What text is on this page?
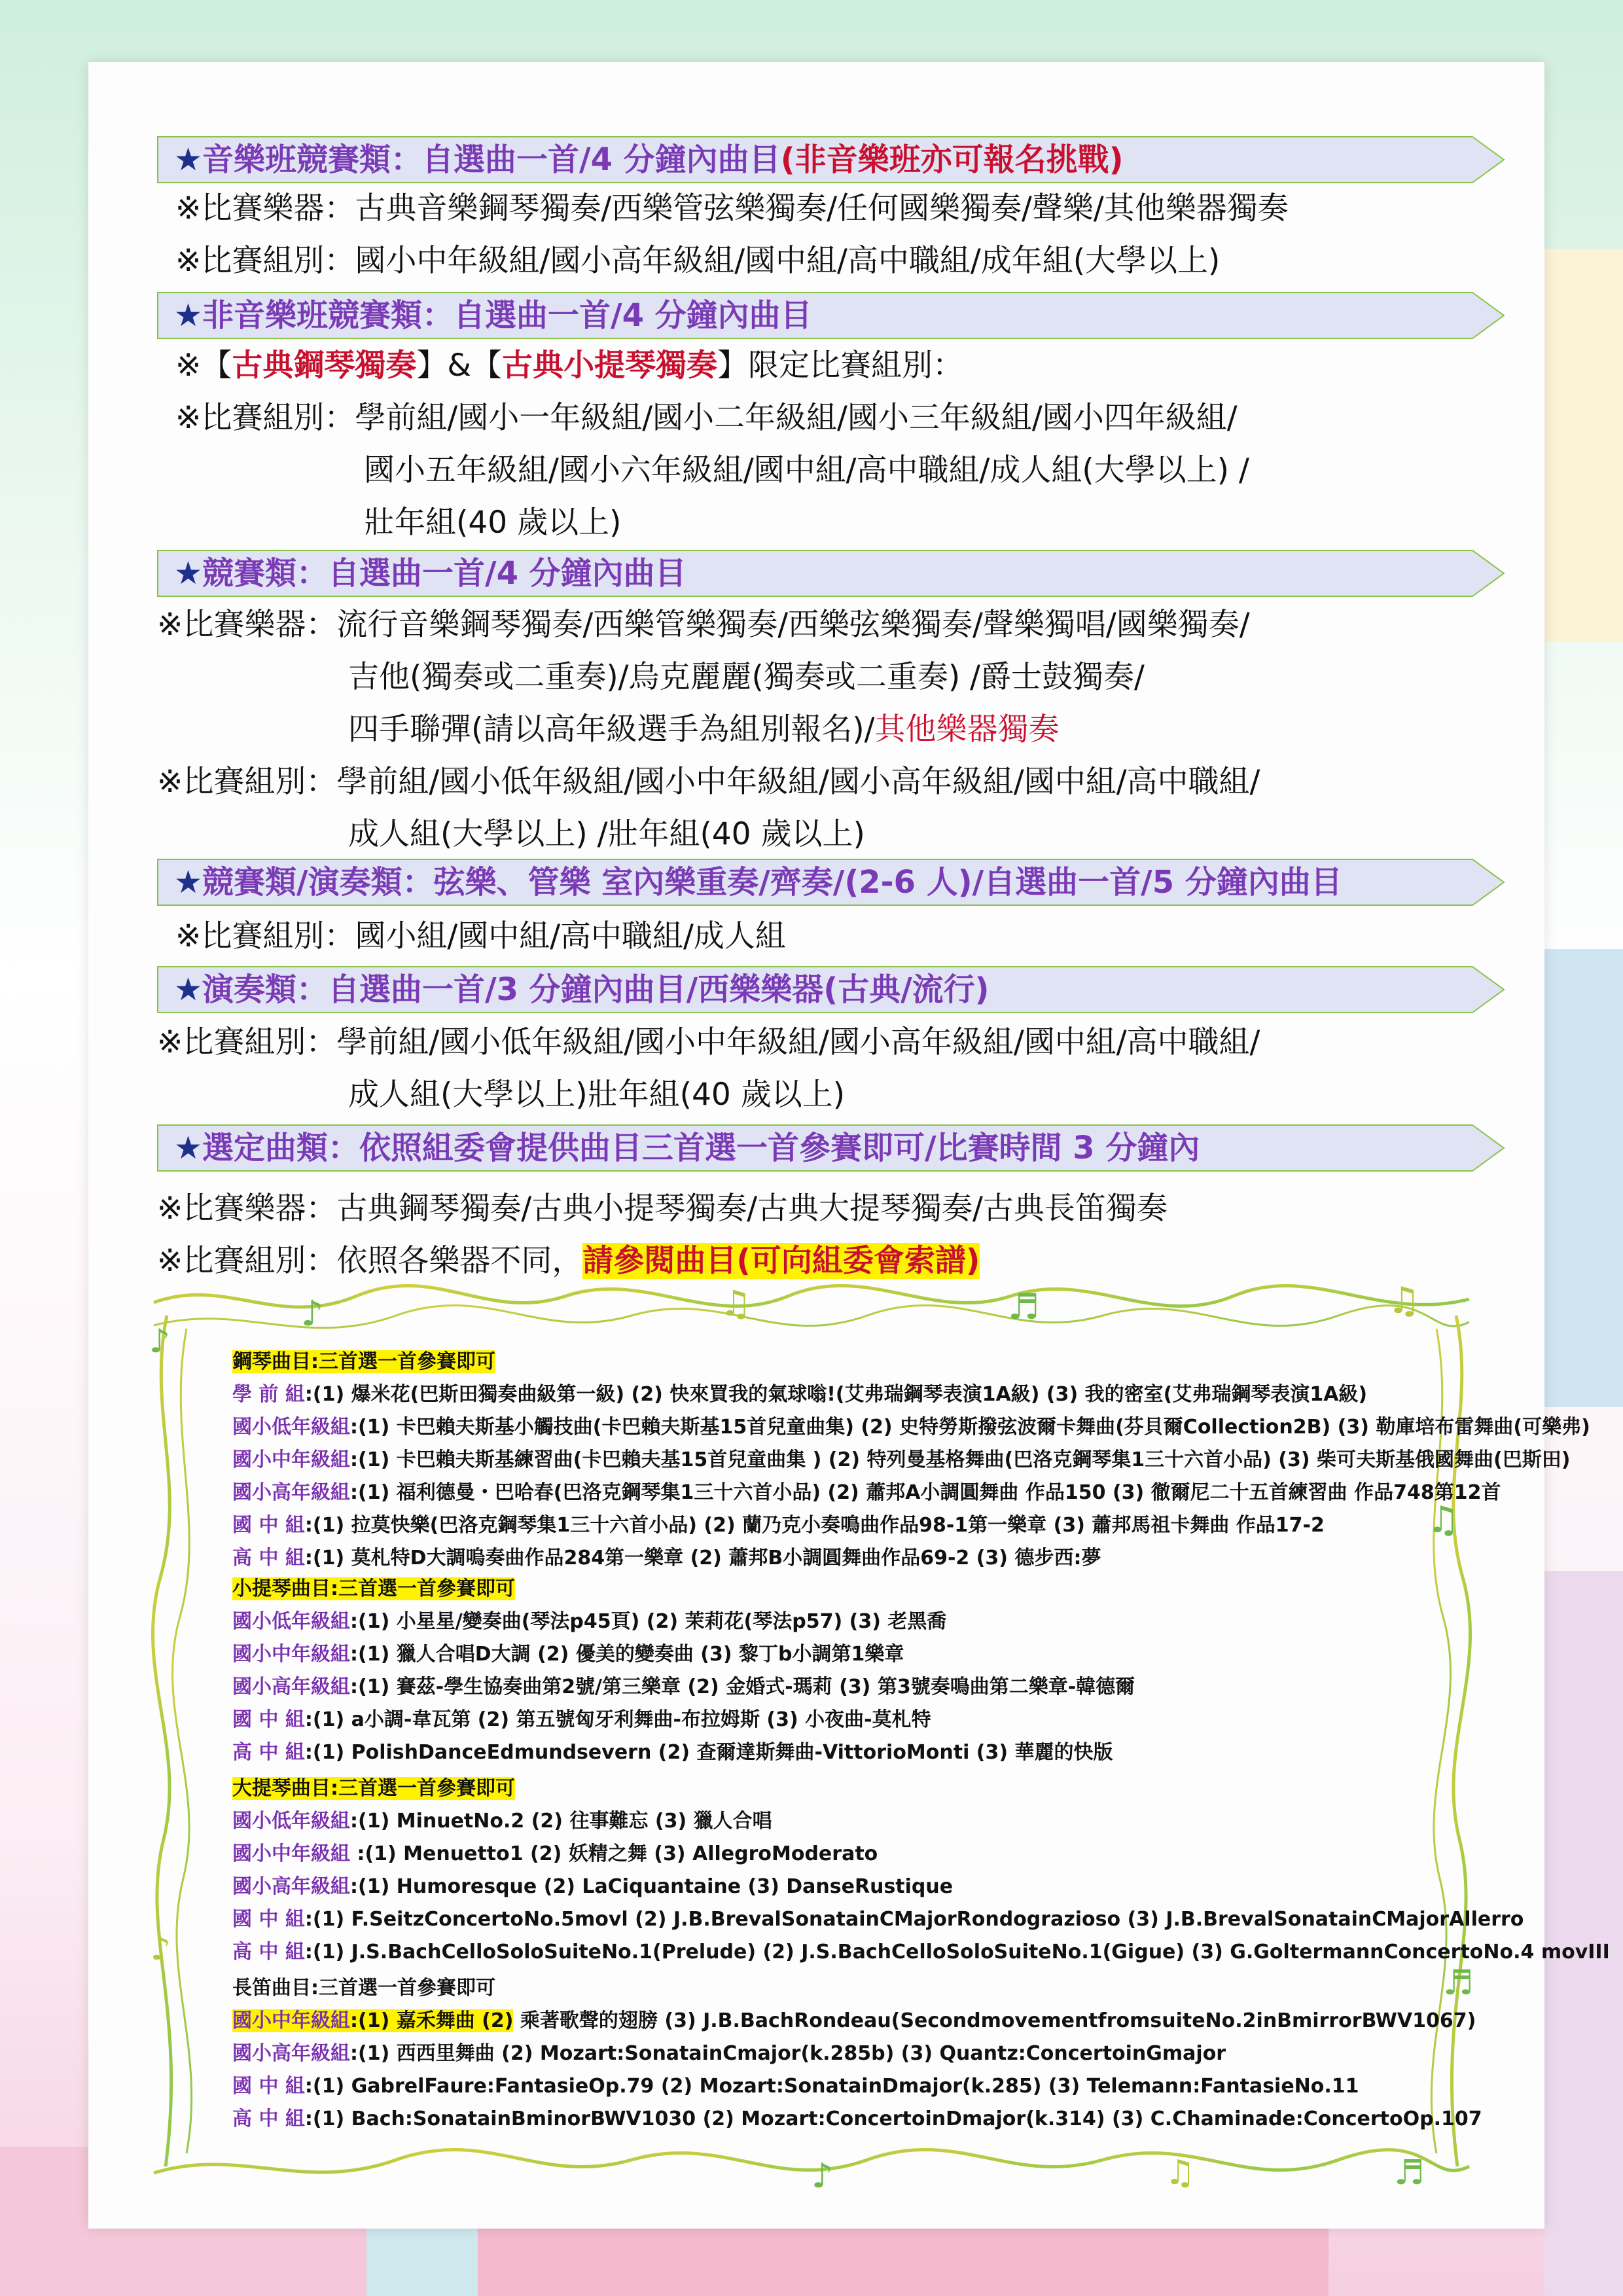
★音樂班競賽類：自選曲一首/4 分鐘內曲目(非音樂班亦可報名挑戰)
※比賽樂器：古典音樂鋼琴獨奏/西樂管弦樂獨奏/任何國樂獨奏/聲樂/其他樂器獨奏
※比賽組別：國小中年級組/國小高年級組/國中組/高中職組/成年組(大學以上)
★非音樂班競賽類：自選曲一首/4 分鐘內曲目
※【古典鋼琴獨奏】&【古典小提琴獨奏】限定比賽組別：
※比賽組別：學前組/國小一年級組/國小二年級組/國小三年級組/國小四年級組/
國小五年級組/國小六年級組/國中組/高中職組/成人組(大學以上) /
壯年組(40 歲以上)
★競賽類：自選曲一首/4 分鐘內曲目
※比賽樂器：流行音樂鋼琴獨奏/西樂管樂獨奏/西樂弦樂獨奏/聲樂獨唱/國樂獨奏/
吉他(獨奏或二重奏)/烏克麗麗(獨奏或二重奏) /爵士鼓獨奏/
四手聯彈(請以高年級選手為組別報名)/其他樂器獨奏
※比賽組別：學前組/國小低年級組/國小中年級組/國小高年級組/國中組/高中職組/
成人組(大學以上) /壯年組(40 歲以上)
★競賽類/演奏類：弦樂、管樂 室內樂重奏/齊奏/(2-6 人)/自選曲一首/5 分鐘內曲目
※比賽組別：國小組/國中組/高中職組/成人組
★演奏類：自選曲一首/3 分鐘內曲目/西樂樂器(古典/流行)
※比賽組別：學前組/國小低年級組/國小中年級組/國小高年級組/國中組/高中職組/
成人組(大學以上)壯年組(40 歲以上)
★選定曲類：依照組委會提供曲目三首選一首參賽即可/比賽時間 3 分鐘內
※比賽樂器：古典鋼琴獨奏/古典小提琴獨奏/古典大提琴獨奏/古典長笛獨奏
※比賽組別：依照各樂器不同，請參閱曲目(可向組委會索譜)
♪	♫	♬	♫
♪
♫
♬
♪
♪	♫	♬
鋼琴曲目:三首選一首參賽即可
學 前 組:(1) 爆米花(巴斯田獨奏曲級第一級) (2) 快來買我的氣球嗡!(艾弗瑞鋼琴表演1A級) (3) 我的密室(艾弗瑞鋼琴表演1A級)
國小低年級組:(1) 卡巴賴夫斯基小觸技曲(卡巴賴夫斯基15首兒童曲集) (2) 史特勞斯撥弦波爾卡舞曲(芬貝爾Collection2B) (3) 勒庫培布雷舞曲(可樂弗)
國小中年級組:(1) 卡巴賴夫斯基練習曲(卡巴賴夫基15首兒童曲集 ) (2) 特列曼基格舞曲(巴洛克鋼琴集1三十六首小品) (3) 柴可夫斯基俄國舞曲(巴斯田)
國小高年級組:(1) 福利德曼・巴哈春(巴洛克鋼琴集1三十六首小品) (2) 蕭邦A小調圓舞曲 作品150 (3) 徹爾尼二十五首練習曲 作品748第12首
國 中 組:(1) 拉莫快樂(巴洛克鋼琴集1三十六首小品) (2) 蘭乃克小奏鳴曲作品98-1第一樂章 (3) 蕭邦馬祖卡舞曲 作品17-2
高 中 組:(1) 莫札特D大調嗚奏曲作品284第一樂章 (2) 蕭邦B小調圓舞曲作品69-2 (3) 德步西:夢
小提琴曲目:三首選一首參賽即可
國小低年級組:(1) 小星星/變奏曲(琴法p45頁) (2) 茉莉花(琴法p57) (3) 老黑喬
國小中年級組:(1) 獵人合唱D大調 (2) 優美的變奏曲 (3) 黎丁b小調第1樂章
國小高年級組:(1) 賽茲-學生協奏曲第2號/第三樂章 (2) 金婚式-瑪莉 (3) 第3號奏鳴曲第二樂章-韓德爾
國 中 組:(1) a小調-韋瓦第 (2) 第五號匈牙利舞曲-布拉姆斯 (3) 小夜曲-莫札特
高 中 組:(1) PolishDanceEdmundsevern (2) 查爾達斯舞曲-VittorioMonti (3) 華麗的快版
大提琴曲目:三首選一首參賽即可
國小低年級組:(1) MinuetNo.2 (2) 往事難忘 (3) 獵人合唱
國小中年級組 :(1) Menuetto1 (2) 妖精之舞 (3) AllegroModerato
國小高年級組:(1) Humoresque (2) LaCiquantaine (3) DanseRustique
國 中 組:(1) F.SeitzConcertoNo.5movl (2) J.B.BrevalSonatainCMajorRondograzioso (3) J.B.BrevalSonatainCMajorAllerro
高 中 組:(1) J.S.BachCelloSoloSuiteNo.1(Prelude) (2) J.S.BachCelloSoloSuiteNo.1(Gigue) (3) G.GoltermannConcertoNo.4 movIII
長笛曲目:三首選一首參賽即可
國小中年級組:(1) 嘉禾舞曲 (2) 乘著歌聲的翅膀 (3) J.B.BachRondeau(SecondmovementfromsuiteNo.2inBmirrorBWV1067)
國小高年級組:(1) 西西里舞曲 (2) Mozart:SonatainCmajor(k.285b) (3) Quantz:ConcertoinGmajor
國 中 組:(1) GabrelFaure:FantasieOp.79 (2) Mozart:SonatainDmajor(k.285) (3) Telemann:FantasieNo.11
高 中 組:(1) Bach:SonatainBminorBWV1030 (2) Mozart:ConcertoinDmajor(k.314) (3) C.Chaminade:ConcertoOp.107
